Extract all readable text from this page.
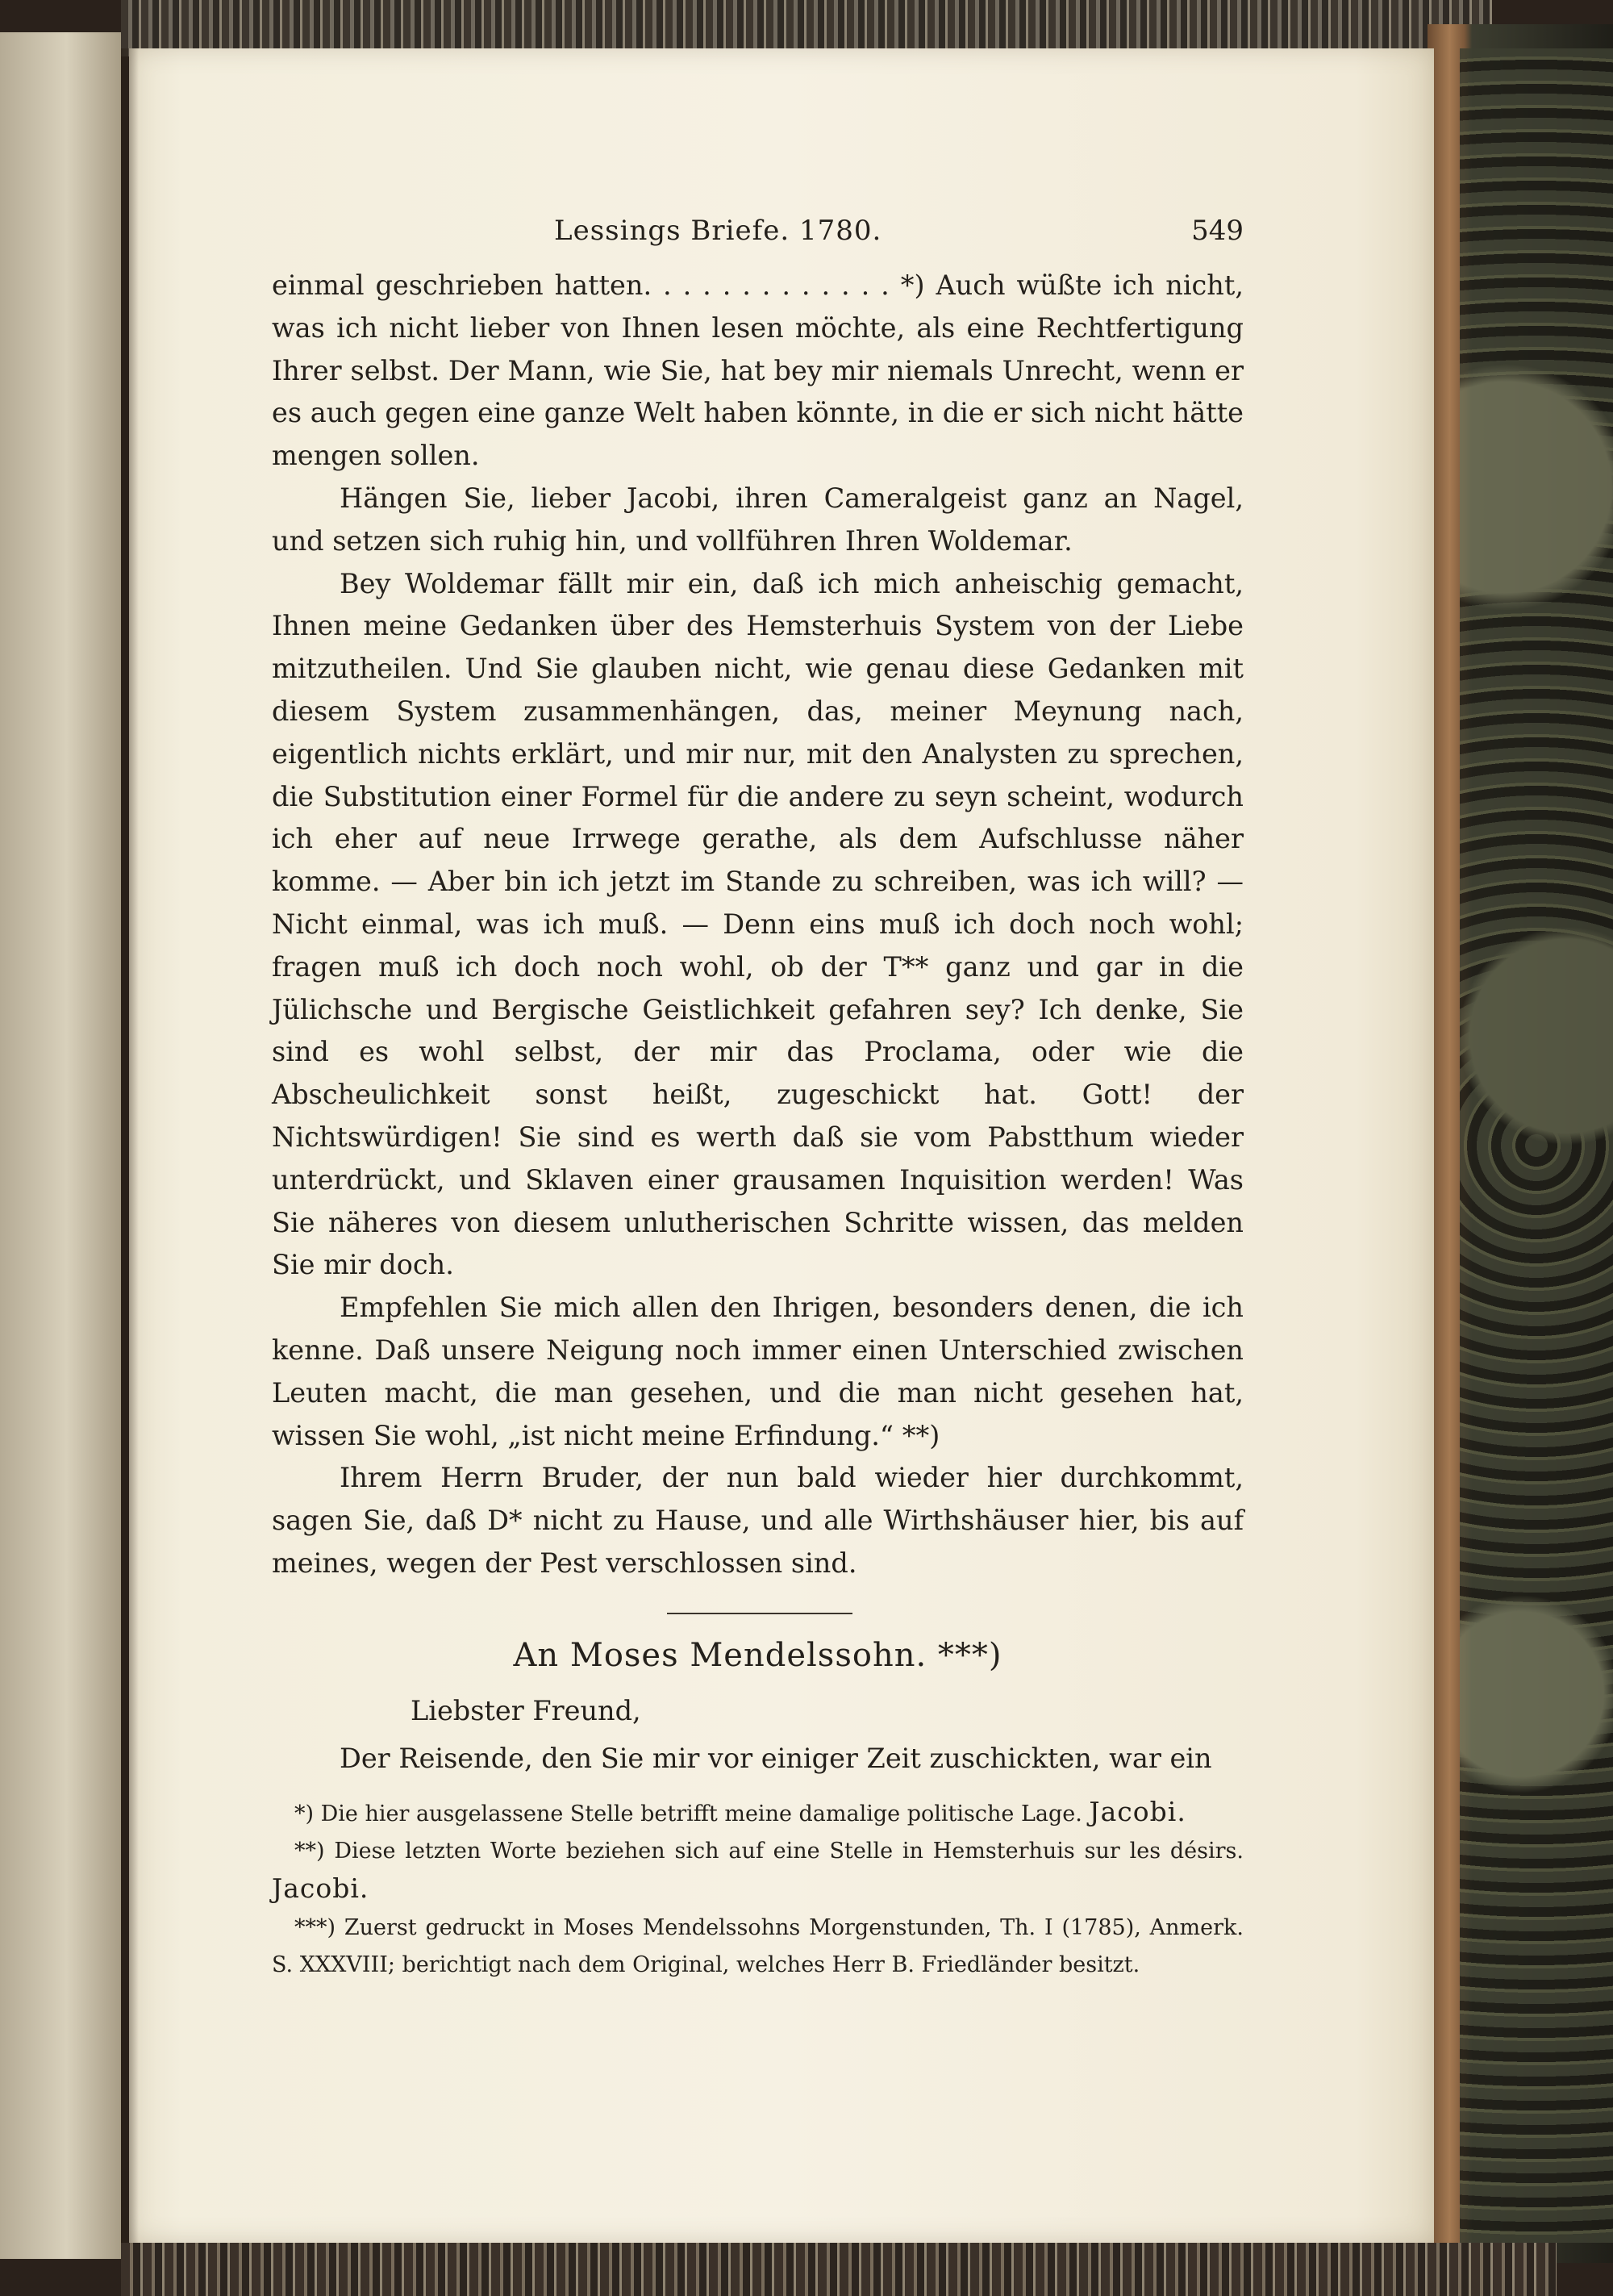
Lessings Briefe. 1780.	549

einmal geschrieben hatten. . . . . . . . . . . . . *) Auch wüßte ich nicht, was ich nicht lieber von Ihnen lesen möchte, als eine Rechtfertigung Ihrer selbst. Der Mann, wie Sie, hat bey mir niemals Unrecht, wenn er es auch gegen eine ganze Welt haben könnte, in die er sich nicht hätte mengen sollen.

Hängen Sie, lieber Jacobi, ihren Cameralgeist ganz an Nagel, und setzen sich ruhig hin, und vollführen Ihren Woldemar.

Bey Woldemar fällt mir ein, daß ich mich anheischig gemacht, Ihnen meine Gedanken über des Hemsterhuis System von der Liebe mitzutheilen. Und Sie glauben nicht, wie genau diese Gedanken mit diesem System zusammenhängen, das, meiner Meynung nach, eigentlich nichts erklärt, und mir nur, mit den Analysten zu sprechen, die Substitution einer Formel für die andere zu seyn scheint, wodurch ich eher auf neue Irrwege gerathe, als dem Aufschlusse näher komme. — Aber bin ich jetzt im Stande zu schreiben, was ich will? — Nicht einmal, was ich muß. — Denn eins muß ich doch noch wohl; fragen muß ich doch noch wohl, ob der T** ganz und gar in die Jülichsche und Bergische Geistlichkeit gefahren sey? Ich denke, Sie sind es wohl selbst, der mir das Proclama, oder wie die Abscheulichkeit sonst heißt, zugeschickt hat. Gott! der Nichtswürdigen! Sie sind es werth daß sie vom Pabstthum wieder unterdrückt, und Sklaven einer grausamen Inquisition werden! Was Sie näheres von diesem unlutherischen Schritte wissen, das melden Sie mir doch.

Empfehlen Sie mich allen den Ihrigen, besonders denen, die ich kenne. Daß unsere Neigung noch immer einen Unterschied zwischen Leuten macht, die man gesehen, und die man nicht gesehen hat, wissen Sie wohl, „ist nicht meine Erfindung.“ **)

Ihrem Herrn Bruder, der nun bald wieder hier durchkommt, sagen Sie, daß D* nicht zu Hause, und alle Wirthshäuser hier, bis auf meines, wegen der Pest verschlossen sind.

An Moses Mendelssohn. ***)
Liebster Freund,
Der Reisende, den Sie mir vor einiger Zeit zuschickten, war ein

*) Die hier ausgelassene Stelle betrifft meine damalige politische Lage. Jacobi.

**) Diese letzten Worte beziehen sich auf eine Stelle in Hemsterhuis sur les désirs. Jacobi.

***) Zuerst gedruckt in Moses Mendelssohns Morgenstunden, Th. I (1785), Anmerk. S. XXXVIII; berichtigt nach dem Original, welches Herr B. Friedländer besitzt.
